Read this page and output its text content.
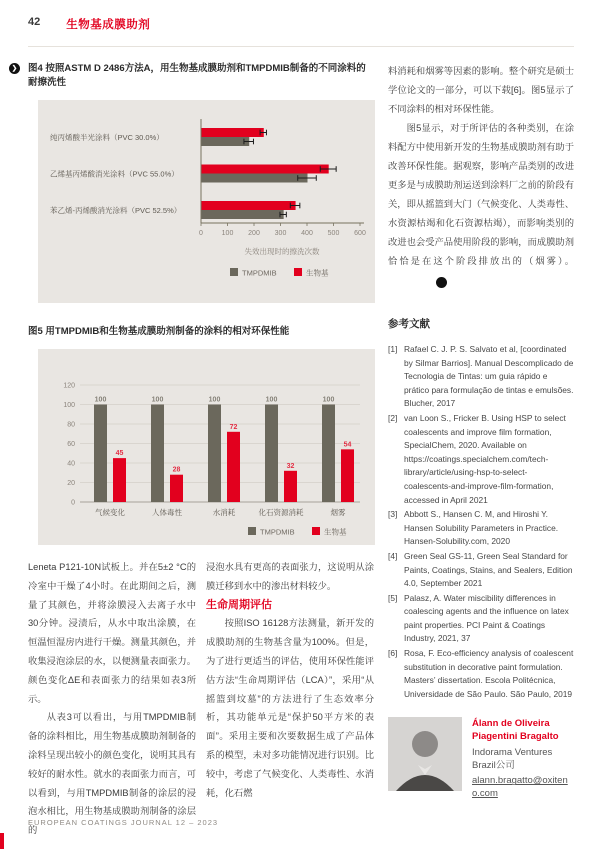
42 生物基成膜助剂
❯ 图4 按照ASTM D 2486方法A，用生物基成膜助剂和TMPDMIB制备的不同涂料的耐擦洗性
0	100 200 300 400 500 600
纯丙烯酸半光涂料（PVC 30.0%）
乙烯基丙烯酸消光涂料（PVC 55.0%）
苯乙烯-丙烯酸消光涂料（PVC 52.5%）
失效出现时的擦洗次数
TMPDMIB	生物基
图5 用TMPDMIB和生物基成膜助剂制备的涂料的相对环保性能
0
20
40
60
80
100
120
气候变化
100
45
人体毒性
100
28
水消耗
100
72
化石资源消耗
100
32
烟雾
100
54
TMPDMIB	生物基

Leneta P121-10N试板上。并在5±2 °C的冷室中干燥了4小时。在此期间之后，测量了其颜色，并将涂膜浸入去离子水中30分钟。浸渍后，从水中取出涂膜，在恒温恒湿房内进行干燥。测量其颜色，并收集浸泡涂层的水，以便测量表面张力。颜色变化ΔE和表面张力的结果如表3所示。

从表3可以看出，与用TMPDMIB制备的涂料相比，用生物基成膜助剂制备的涂料呈现出较小的颜色变化，说明其具有较好的耐水性。就水的表面张力而言，可以看到，与用TMPDMIB制备的涂层的浸泡水相比，用生物基成膜助剂制备的涂层的

浸泡水具有更高的表面张力，这说明从涂膜迁移到水中的渗出材料较少。

生命周期评估

按照ISO 16128方法测量，新开发的成膜助剂的生物基含量为100%。但是，为了进行更适当的评估，使用环保性能评估方法“生命周期评估（LCA）”，采用“从摇篮到坟墓”的方法进行了生态效率分析，其功能单元是“保护50平方米的表面”。采用主要和次要数据生成了产品体系的模型，未对多功能情况进行识别。比较中，考虑了气候变化、人类毒性、水消耗，化石燃

料消耗和烟雾等因素的影响。整个研究是硕士学位论文的一部分，可以下载[6]。图5显示了不同涂料的相对环保性能。

图5显示，对于所评估的各种类别，在涂料配方中使用新开发的生物基成膜助剂有助于改善环保性能。据观察，影响产品类别的改进更多是与成膜助剂运送到涂料厂之前的阶段有关，即从摇篮到大门（气候变化、人类毒性、水资源枯竭和化石资源枯竭），而影响类别的改进也会受产品使用阶段的影响，而成膜助剂恰恰是在这个阶段排放出的（烟雾）。❮

参考文献
[1] Rafael C. J. P. S. Salvato et al, [coordinated by Silmar Barrios]. Manual Descomplicado de Tecnologia de Tintas: um guia rápido e prático para formulação de tintas e emulsões. Blucher, 2017
[2] van Loon S., Fricker B. Using HSP to select coalescents and improve film formation, SpecialChem, 2020. Available on https://coatings.specialchem.com/tech-library/article/using-hsp-to-select-coalescents-and-improve-film-formation, accessed in April 2021
[3] Abbott S., Hansen C. M, and Hiroshi Y. Hansen Solubility Parameters in Practice. Hansen-Solubility.com, 2020
[4] Green Seal GS-11, Green Seal Standard for Paints, Coatings, Stains, and Sealers, Edition 4.0, September 2021
[5] Palasz, A. Water miscibility differences in coalescing agents and the influence on latex paint properties. PCI Paint & Coatings Industry, 2021, 37
[6] Rosa, F. Eco-efficiency analysis of coalescent substitution in decorative paint formulation. Masters’ dissertation. Escola Politécnica, Universidade de São Paulo. São Paulo, 2019
Álann de Oliveira Piagentini Bragalto
Indorama Ventures Brazil公司
alann.bragatto@oxiteno.com
EUROPEAN COATINGS JOURNAL 12 – 2023
